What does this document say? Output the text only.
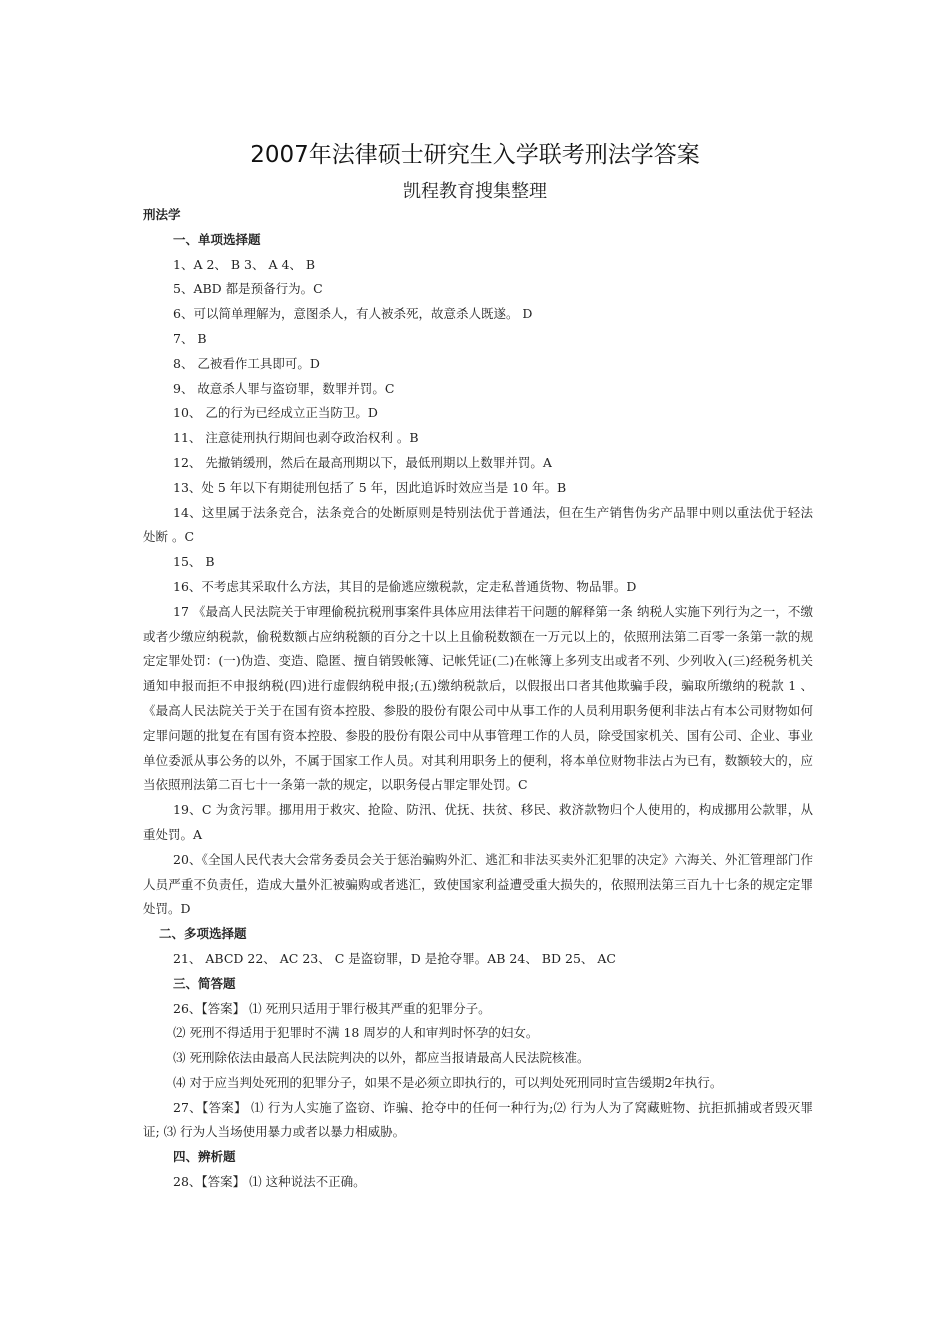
2007年法律硕士研究生入学联考刑法学答案
凯程教育搜集整理
刑法学
一、单项选择题
1、A 2、 B 3、 A 4、 B
5、ABD 都是预备行为。C
6、可以简单理解为，意图杀人，有人被杀死，故意杀人既遂。 D
7、 B
8、 乙被看作工具即可。D
9、 故意杀人罪与盗窃罪，数罪并罚。C
10、 乙的行为已经成立正当防卫。D
11、 注意徒刑执行期间也剥夺政治权利 。B
12、 先撤销缓刑，然后在最高刑期以下，最低刑期以上数罪并罚。A
13、处 5 年以下有期徒刑包括了 5 年，因此追诉时效应当是 10 年。B

14、这里属于法条竞合，法条竞合的处断原则是特别法优于普通法，但在生产销售伪劣产品罪中则以重法优于轻法处断 。C

15、 B
16、不考虑其采取什么方法，其目的是偷逃应缴税款，定走私普通货物、物品罪。D

17 《最高人民法院关于审理偷税抗税刑事案件具体应用法律若干问题的解释第一条 纳税人实施下列行为之一，不缴或者少缴应纳税款，偷税数额占应纳税额的百分之十以上且偷税数额在一万元以上的，依照刑法第二百零一条第一款的规定定罪处罚：(一)伪造、变造、隐匿、擅自销毁帐簿、记帐凭证(二)在帐簿上多列支出或者不列、少列收入(三)经税务机关通知申报而拒不申报纳税(四)进行虚假纳税申报;(五)缴纳税款后，以假报出口者其他欺骗手段，骗取所缴纳的税款 1 、《最高人民法院关于关于在国有资本控股、参股的股份有限公司中从事工作的人员利用职务便利非法占有本公司财物如何定罪问题的批复在有国有资本控股、参股的股份有限公司中从事管理工作的人员，除受国家机关、国有公司、企业、事业单位委派从事公务的以外，不属于国家工作人员。对其利用职务上的便利，将本单位财物非法占为已有，数额较大的，应当依照刑法第二百七十一条第一款的规定，以职务侵占罪定罪处罚。C

19、C 为贪污罪。挪用用于救灾、抢险、防汛、优抚、扶贫、移民、救济款物归个人使用的，构成挪用公款罪，从重处罚。A

20、《全国人民代表大会常务委员会关于惩治骗购外汇、逃汇和非法买卖外汇犯罪的决定》六海关、外汇管理部门作人员严重不负责任，造成大量外汇被骗购或者逃汇，致使国家利益遭受重大损失的，依照刑法第三百九十七条的规定定罪处罚。D

二、多项选择题
21、 ABCD 22、 AC 23、 C 是盗窃罪，D 是抢夺罪。AB 24、 BD 25、 AC
三、简答题
26、【答案】 ⑴ 死刑只适用于罪行极其严重的犯罪分子。
⑵ 死刑不得适用于犯罪时不满 18 周岁的人和审判时怀孕的妇女。
⑶ 死刑除依法由最高人民法院判决的以外，都应当报请最高人民法院核准。
⑷ 对于应当判处死刑的犯罪分子，如果不是必须立即执行的，可以判处死刑同时宣告缓期2年执行。

27、【答案】 ⑴ 行为人实施了盗窃、诈骗、抢夺中的任何一种行为;⑵ 行为人为了窝藏赃物、抗拒抓捕或者毁灭罪证; ⑶ 行为人当场使用暴力或者以暴力相威胁。

四、辨析题
28、【答案】 ⑴ 这种说法不正确。
